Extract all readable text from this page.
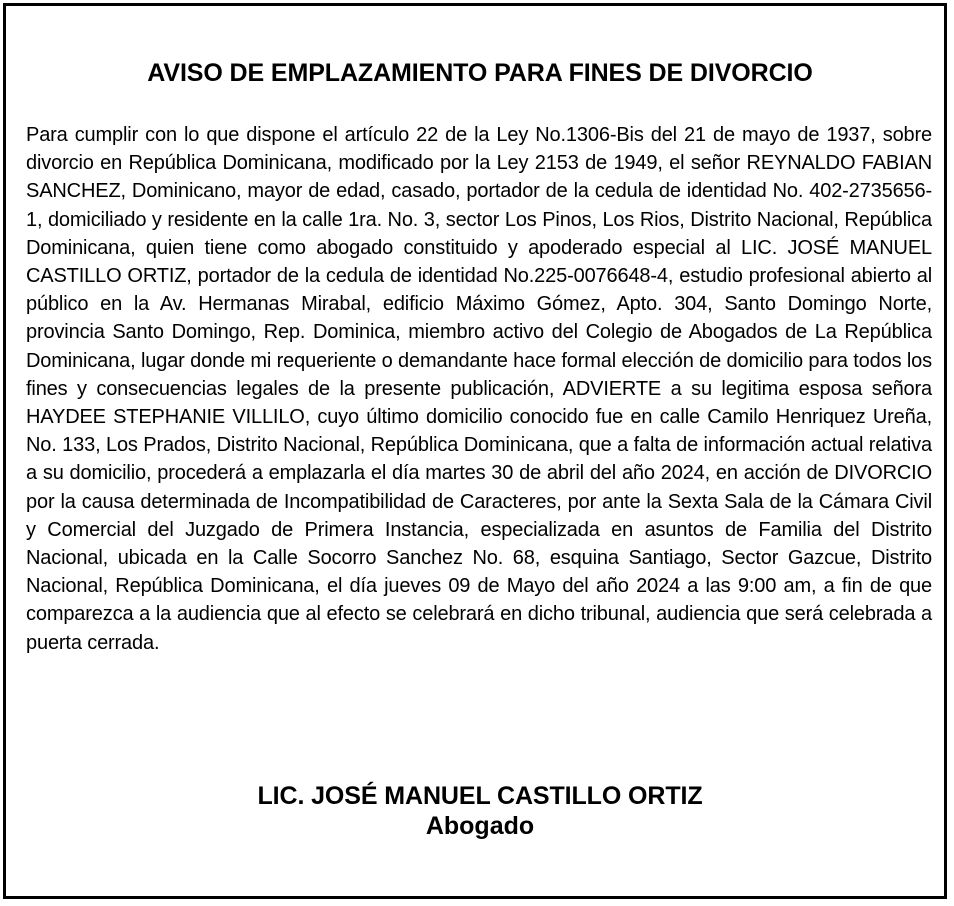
AVISO DE EMPLAZAMIENTO PARA FINES DE DIVORCIO

Para cumplir con lo que dispone el artículo 22 de la Ley No.1306-Bis del 21 de mayo de 1937, sobre divorcio en República Dominicana, modificado por la Ley 2153 de 1949, el señor REYNALDO FABIAN SANCHEZ, Dominicano, mayor de edad, casado, portador de la cedula de identidad No. 402-2735656-1, domiciliado y residente en la calle 1ra. No. 3, sector Los Pinos, Los Rios, Distrito Nacional, República Dominicana, quien tiene como abogado constituido y apoderado especial al LIC. JOSÉ MANUEL CASTILLO ORTIZ, portador de la cedula de identidad No.225-0076648-4, estudio profesional abierto al público en la Av. Hermanas Mirabal, edificio Máximo Gómez, Apto. 304, Santo Domingo Norte, provincia Santo Domingo, Rep. Dominica, miembro activo del Colegio de Abogados de La República Dominicana, lugar donde mi requeriente o demandante hace formal elección de domicilio para todos los fines y consecuencias legales de la presente publicación, ADVIERTE a su legitima esposa señora HAYDEE STEPHANIE VILLILO, cuyo último domicilio conocido fue en calle Camilo Henriquez Ureña, No. 133, Los Prados, Distrito Nacional, República Dominicana, que a falta de información actual relativa a su domicilio, procederá a emplazarla el día martes 30 de abril del año 2024, en acción de DIVORCIO por la causa determinada de Incompatibilidad de Caracteres, por ante la Sexta Sala de la Cámara Civil y Comercial del Juzgado de Primera Instancia, especializada en asuntos de Familia del Distrito Nacional, ubicada en la Calle Socorro Sanchez No. 68, esquina Santiago, Sector Gazcue, Distrito Nacional, República Dominicana, el día jueves 09 de Mayo del año 2024 a las 9:00 am, a fin de que comparezca a la audiencia que al efecto se celebrará en dicho tribunal, audiencia que será celebrada a puerta cerrada.

LIC. JOSÉ MANUEL CASTILLO ORTIZ
Abogado
